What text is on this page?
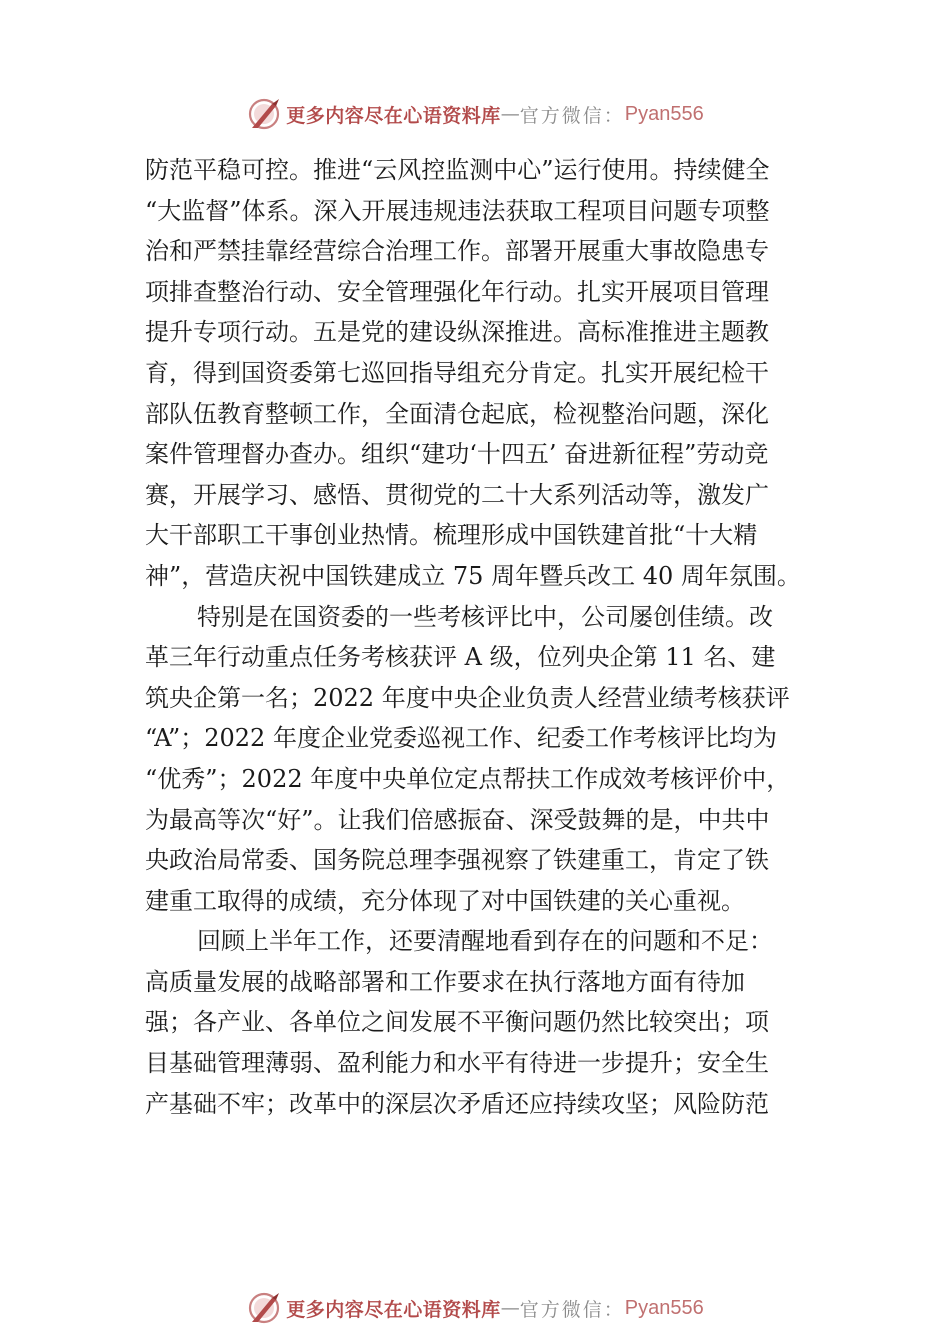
更多内容尽在心语资料库 — 官方微信： Pyan556
防范平稳可控。推进“云风控监测中心”运行使用。持续健全
“大监督”体系。深入开展违规违法获取工程项目问题专项整
治和严禁挂靠经营综合治理工作。部署开展重大事故隐患专
项排查整治行动、安全管理强化年行动。扎实开展项目管理
提升专项行动。五是党的建设纵深推进。高标准推进主题教
育，得到国资委第七巡回指导组充分肯定。扎实开展纪检干
部队伍教育整顿工作，全面清仓起底，检视整治问题，深化
案件管理督办查办。组织“建功‘十四五’ 奋进新征程”劳动竞
赛，开展学习、感悟、贯彻党的二十大系列活动等，激发广
大干部职工干事创业热情。梳理形成中国铁建首批“十大精
神”，营造庆祝中国铁建成立 75 周年暨兵改工 40 周年氛围。
特别是在国资委的一些考核评比中，公司屡创佳绩。改
革三年行动重点任务考核获评 A 级，位列央企第 11 名、建
筑央企第一名；2022 年度中央企业负责人经营业绩考核获评
“A”；2022 年度企业党委巡视工作、纪委工作考核评比均为
“优秀”；2022 年度中央单位定点帮扶工作成效考核评价中，
为最高等次“好”。让我们倍感振奋、深受鼓舞的是，中共中
央政治局常委、国务院总理李强视察了铁建重工，肯定了铁
建重工取得的成绩，充分体现了对中国铁建的关心重视。
回顾上半年工作，还要清醒地看到存在的问题和不足：
高质量发展的战略部署和工作要求在执行落地方面有待加
强；各产业、各单位之间发展不平衡问题仍然比较突出；项
目基础管理薄弱、盈利能力和水平有待进一步提升；安全生
产基础不牢；改革中的深层次矛盾还应持续攻坚；风险防范
更多内容尽在心语资料库 — 官方微信： Pyan556
